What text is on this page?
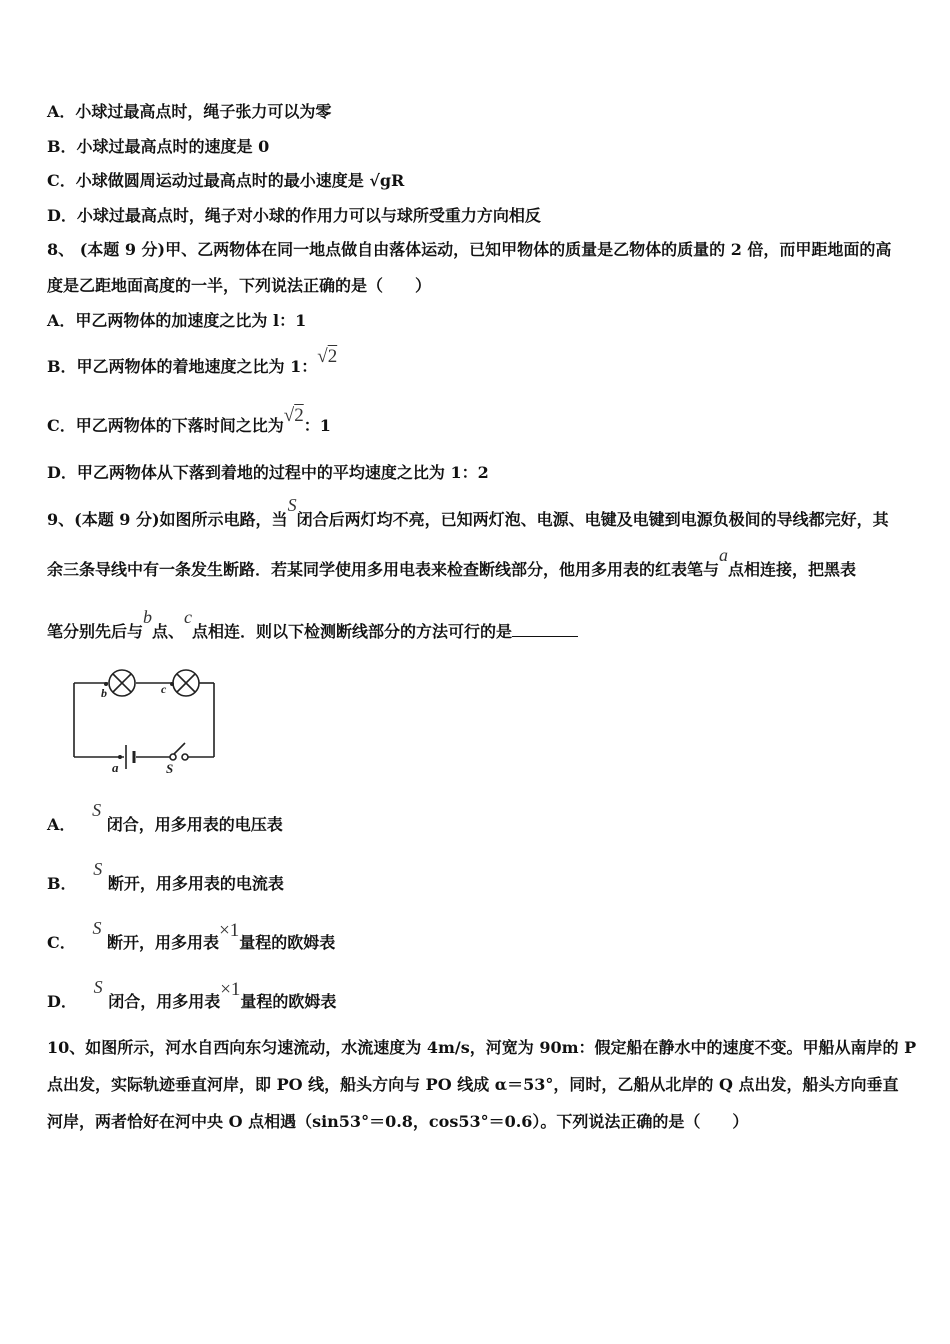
A．小球过最高点时，绳子张力可以为零
B．小球过最高点时的速度是 0
C．小球做圆周运动过最高点时的最小速度是 √gR
D．小球过最高点时，绳子对小球的作用力可以与球所受重力方向相反
8、 (本题 9 分)甲、乙两物体在同一地点做自由落体运动，已知甲物体的质量是乙物体的质量的 2 倍，而甲距地面的高
度是乙距地面高度的一半，下列说法正确的是（　　）
A．甲乙两物体的加速度之比为 l：1
B．甲乙两物体的着地速度之比为 1：√2
C．甲乙两物体的下落时间之比为√2：1
D．甲乙两物体从下落到着地的过程中的平均速度之比为 1：2
9、(本题 9 分)如图所示电路，当S闭合后两灯均不亮，已知两灯泡、电源、电键及电键到电源负极间的导线都完好，其
余三条导线中有一条发生断路．若某同学使用多用电表来检查断线部分，他用多用表的红表笔与a点相连接，把黑表
笔分别先后与b点、c点相连．则以下检测断线部分的方法可行的是
b	c
a	S
A．   S 闭合，用多用表的电压表
B．   S 断开，用多用表的电流表
C．   S 断开，用多用表×1量程的欧姆表
D．   S 闭合，用多用表×1量程的欧姆表
10、如图所示，河水自西向东匀速流动，水流速度为 4m/s，河宽为 90m：假定船在静水中的速度不变。甲船从南岸的 P
点出发，实际轨迹垂直河岸，即 PO 线，船头方向与 PO 线成 α＝53°，同时，乙船从北岸的 Q 点出发，船头方向垂直
河岸，两者恰好在河中央 O 点相遇（sin53°＝0.8，cos53°＝0.6）。下列说法正确的是（　　）
